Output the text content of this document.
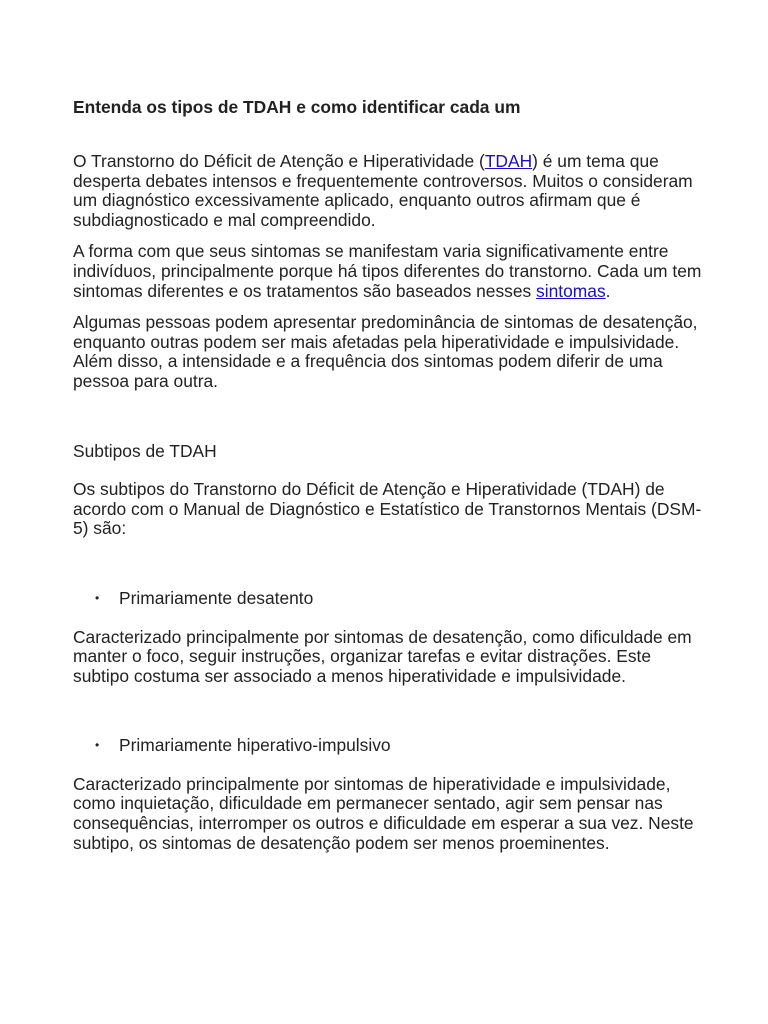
Entenda os tipos de TDAH e como identificar cada um

O Transtorno do Déficit de Atenção e Hiperatividade (TDAH) é um tema que desperta debates intensos e frequentemente controversos. Muitos o consideram um diagnóstico excessivamente aplicado, enquanto outros afirmam que é subdiagnosticado e mal compreendido.

A forma com que seus sintomas se manifestam varia significativamente entre indivíduos, principalmente porque há tipos diferentes do transtorno. Cada um tem sintomas diferentes e os tratamentos são baseados nesses sintomas.

Algumas pessoas podem apresentar predominância de sintomas de desatenção, enquanto outras podem ser mais afetadas pela hiperatividade e impulsividade. Além disso, a intensidade e a frequência dos sintomas podem diferir de uma pessoa para outra.

Subtipos de TDAH

Os subtipos do Transtorno do Déficit de Atenção e Hiperatividade (TDAH) de acordo com o Manual de Diagnóstico e Estatístico de Transtornos Mentais (DSM-5) são:

• Primariamente desatento

Caracterizado principalmente por sintomas de desatenção, como dificuldade em manter o foco, seguir instruções, organizar tarefas e evitar distrações. Este subtipo costuma ser associado a menos hiperatividade e impulsividade.

• Primariamente hiperativo-impulsivo

Caracterizado principalmente por sintomas de hiperatividade e impulsividade, como inquietação, dificuldade em permanecer sentado, agir sem pensar nas consequências, interromper os outros e dificuldade em esperar a sua vez. Neste subtipo, os sintomas de desatenção podem ser menos proeminentes.
